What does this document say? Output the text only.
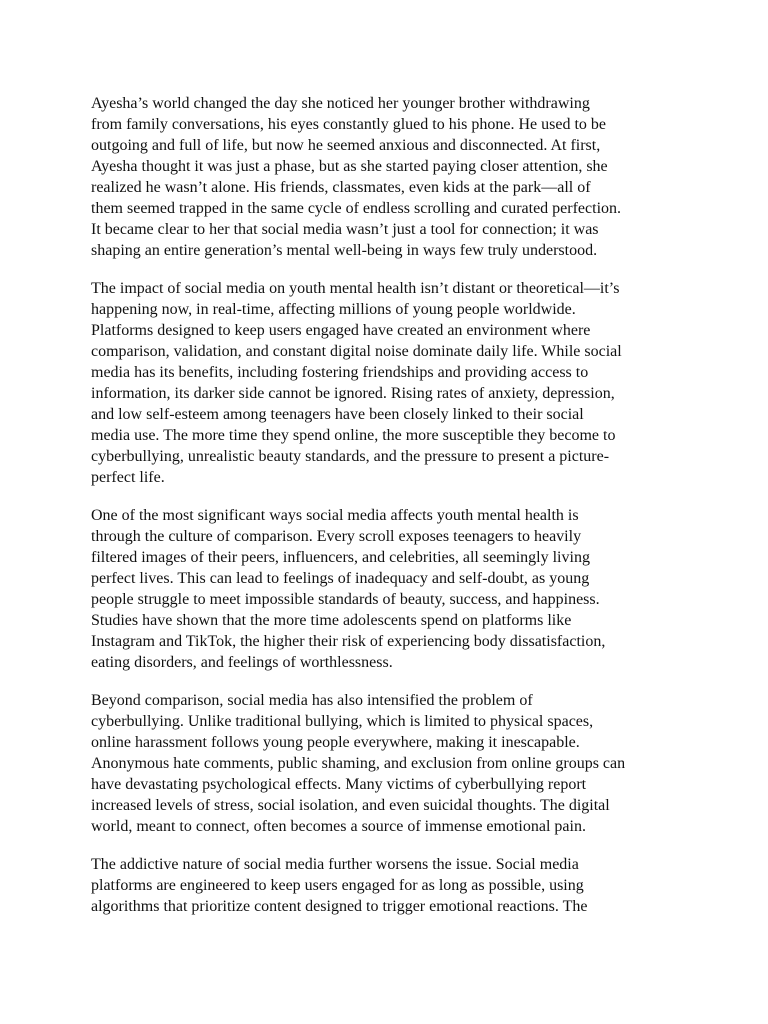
Ayesha’s world changed the day she noticed her younger brother withdrawing
from family conversations, his eyes constantly glued to his phone. He used to be
outgoing and full of life, but now he seemed anxious and disconnected. At first,
Ayesha thought it was just a phase, but as she started paying closer attention, she
realized he wasn’t alone. His friends, classmates, even kids at the park—all of
them seemed trapped in the same cycle of endless scrolling and curated perfection.
It became clear to her that social media wasn’t just a tool for connection; it was
shaping an entire generation’s mental well-being in ways few truly understood.

The impact of social media on youth mental health isn’t distant or theoretical—it’s
happening now, in real-time, affecting millions of young people worldwide.
Platforms designed to keep users engaged have created an environment where
comparison, validation, and constant digital noise dominate daily life. While social
media has its benefits, including fostering friendships and providing access to
information, its darker side cannot be ignored. Rising rates of anxiety, depression,
and low self-esteem among teenagers have been closely linked to their social
media use. The more time they spend online, the more susceptible they become to
cyberbullying, unrealistic beauty standards, and the pressure to present a picture-
perfect life.

One of the most significant ways social media affects youth mental health is
through the culture of comparison. Every scroll exposes teenagers to heavily
filtered images of their peers, influencers, and celebrities, all seemingly living
perfect lives. This can lead to feelings of inadequacy and self-doubt, as young
people struggle to meet impossible standards of beauty, success, and happiness.
Studies have shown that the more time adolescents spend on platforms like
Instagram and TikTok, the higher their risk of experiencing body dissatisfaction,
eating disorders, and feelings of worthlessness.

Beyond comparison, social media has also intensified the problem of
cyberbullying. Unlike traditional bullying, which is limited to physical spaces,
online harassment follows young people everywhere, making it inescapable.
Anonymous hate comments, public shaming, and exclusion from online groups can
have devastating psychological effects. Many victims of cyberbullying report
increased levels of stress, social isolation, and even suicidal thoughts. The digital
world, meant to connect, often becomes a source of immense emotional pain.

The addictive nature of social media further worsens the issue. Social media
platforms are engineered to keep users engaged for as long as possible, using
algorithms that prioritize content designed to trigger emotional reactions. The
